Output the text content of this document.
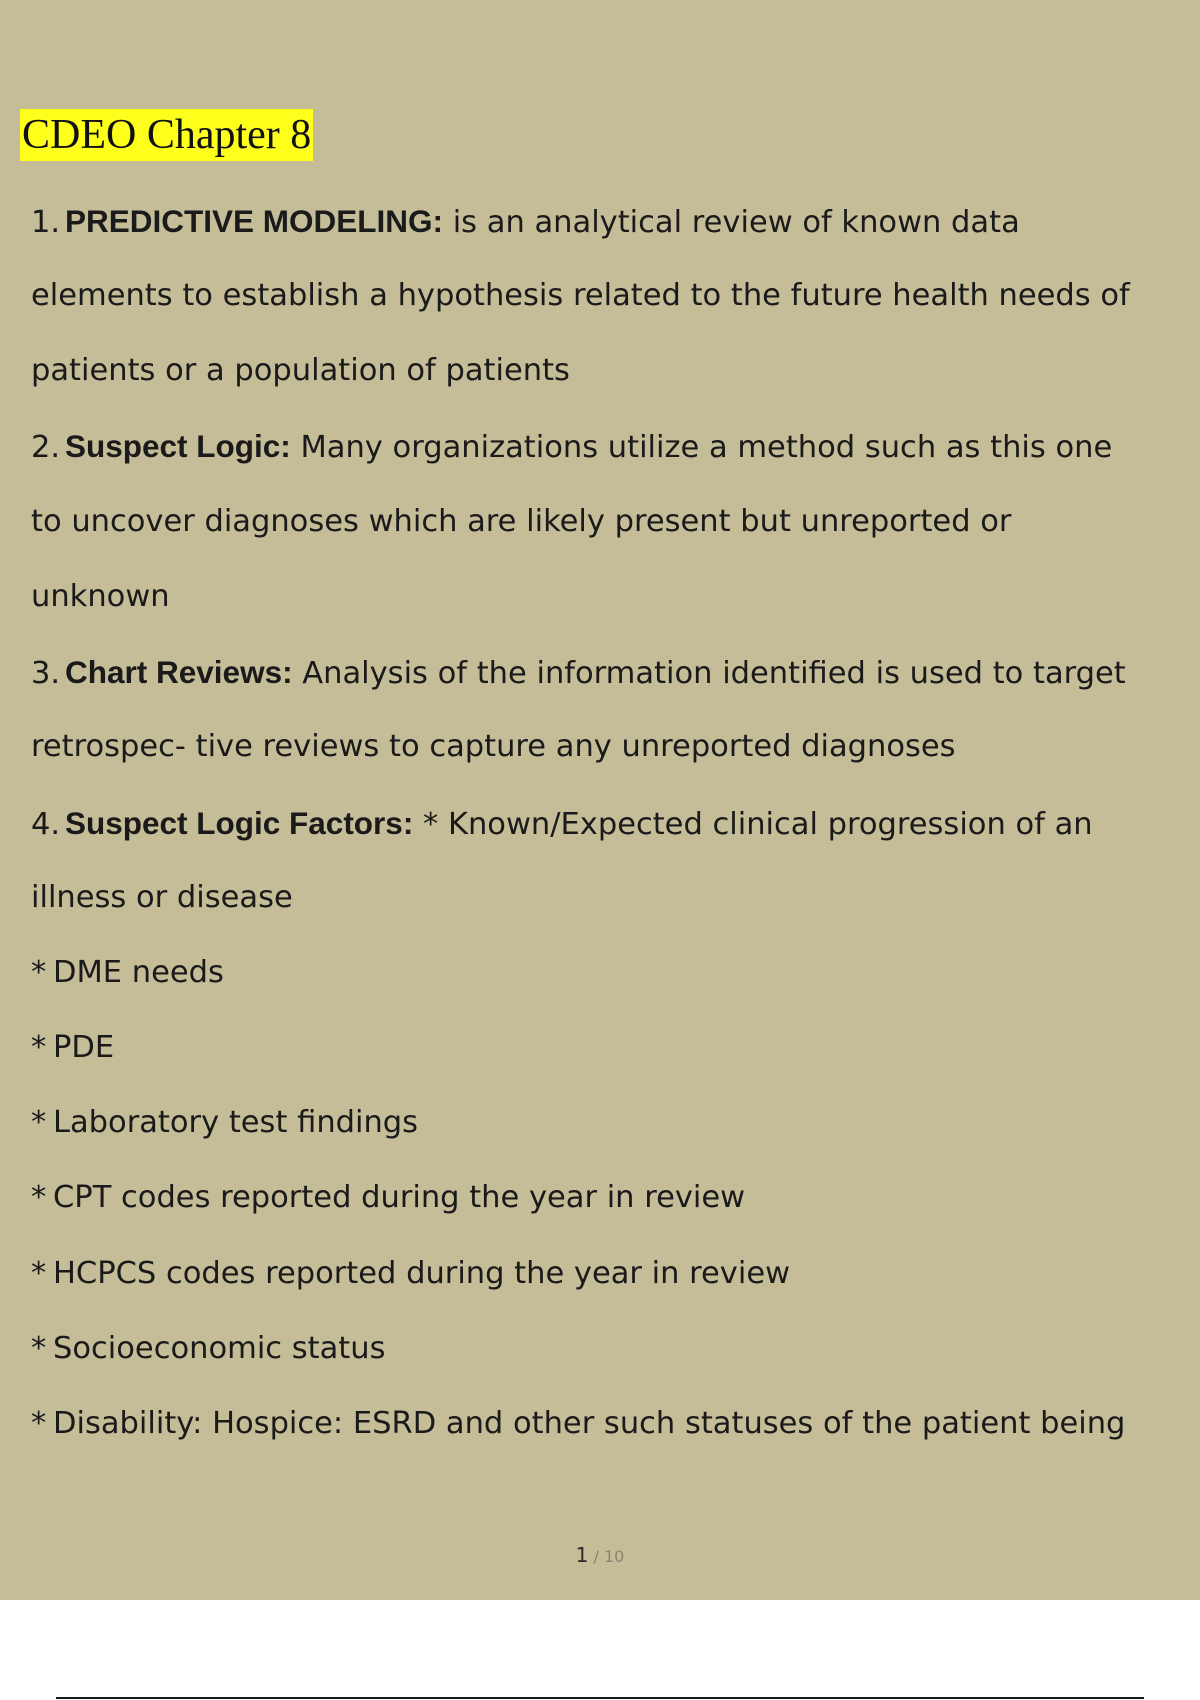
CDEO Chapter 8
1. PREDICTIVE MODELING: is an analytical review of known data
elements to establish a hypothesis related to the future health needs of
patients or a population of patients
2. Suspect Logic: Many organizations utilize a method such as this one
to uncover diagnoses which are likely present but unreported or
unknown
3. Chart Reviews: Analysis of the information identified is used to target
retrospec- tive reviews to capture any unreported diagnoses
4. Suspect Logic Factors: * Known/Expected clinical progression of an
illness or disease
* DME needs
* PDE
* Laboratory test findings
* CPT codes reported during the year in review
* HCPCS codes reported during the year in review
* Socioeconomic status
* Disability: Hospice: ESRD and other such statuses of the patient being
1 / 10
